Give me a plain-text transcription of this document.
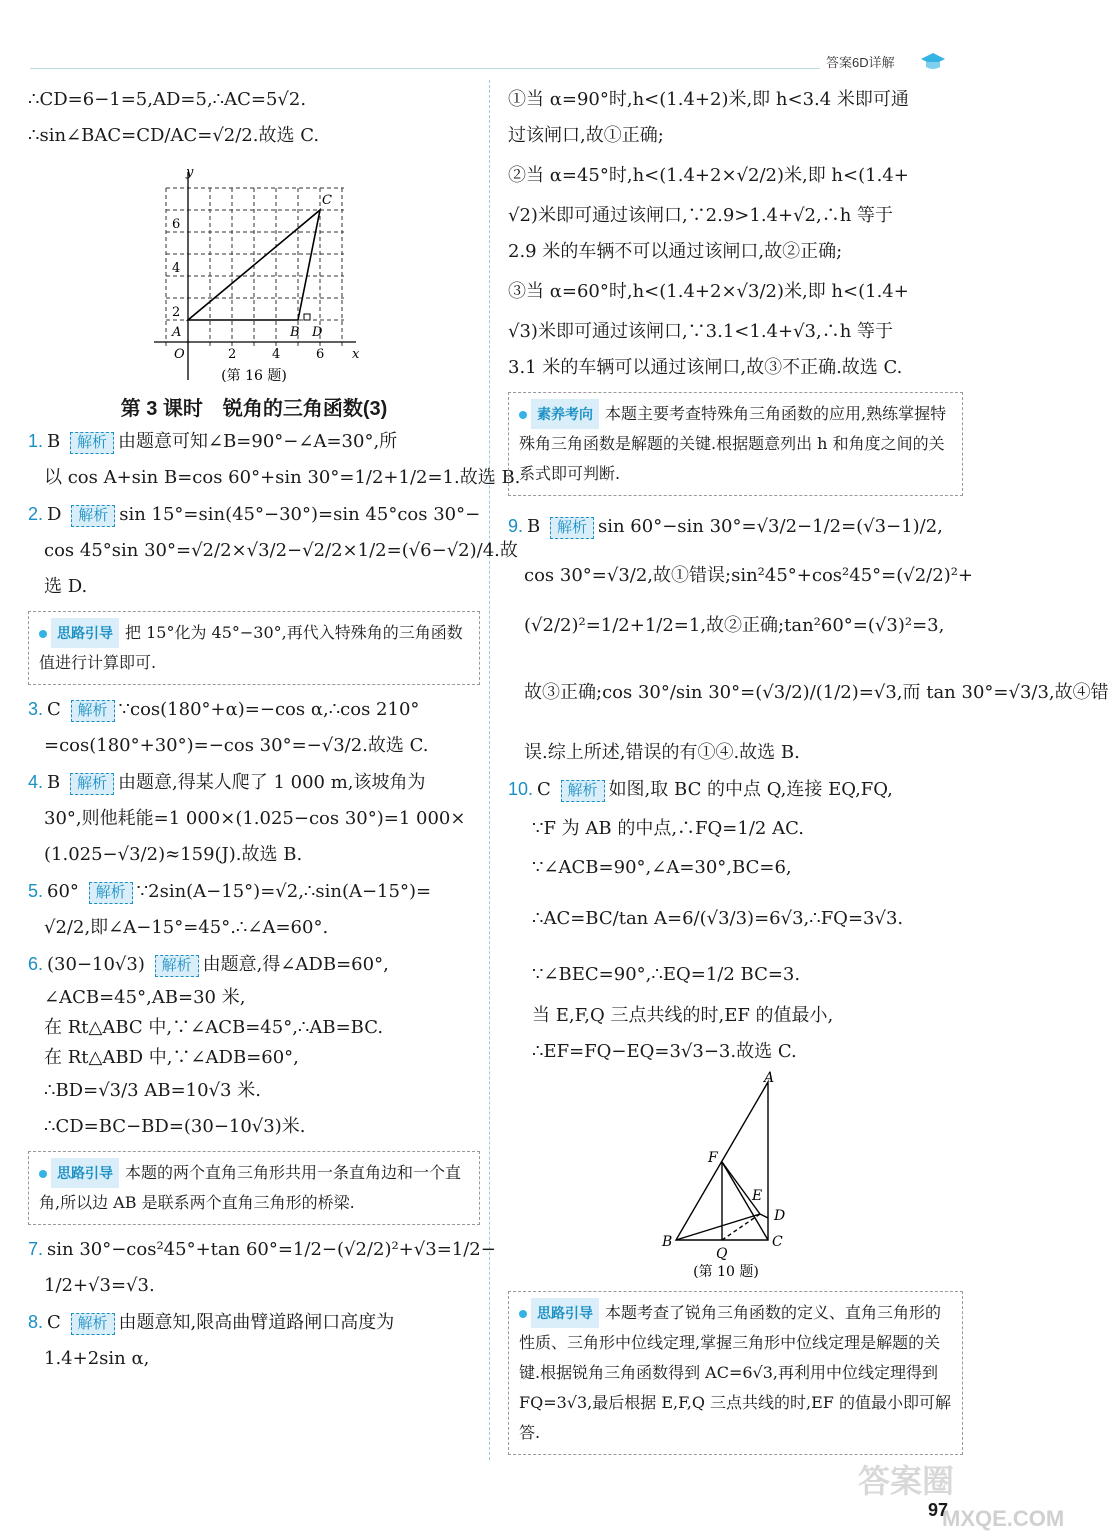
答案6D详解

∴CD=6−1=5,AD=5,∴AC=5√2.

∴sin∠BAC=CD/AC=√2/2.故选 C.

y
x
2
4
6
2	4	6
A	B
C
D
O
(第 16 题)
第 3 课时　锐角的三角函数(3)

1. B 解析 由题意可知∠B=90°−∠A=30°,所

以 cos A+sin B=cos 60°+sin 30°=1/2+1/2=1.故选 B.

2. D 解析 sin 15°=sin(45°−30°)=sin 45°cos 30°−

cos 45°sin 30°=√2/2×√3/2−√2/2×1/2=(√6−√2)/4.故

选 D.

思路引导 把 15°化为 45°−30°,再代入特殊角的三角函数值进行计算即可.

3. C 解析 ∵cos(180°+α)=−cos α,∴cos 210°

=cos(180°+30°)=−cos 30°=−√3/2.故选 C.

4. B 解析 由题意,得某人爬了 1 000 m,该坡角为

30°,则他耗能=1 000×(1.025−cos 30°)=1 000×

(1.025−√3/2)≈159(J).故选 B.

5. 60° 解析 ∵2sin(A−15°)=√2,∴sin(A−15°)=

√2/2,即∠A−15°=45°.∴∠A=60°.

6. (30−10√3) 解析 由题意,得∠ADB=60°,

∠ACB=45°,AB=30 米,

在 Rt△ABC 中,∵∠ACB=45°,∴AB=BC.

在 Rt△ABD 中,∵∠ADB=60°,

∴BD=√3/3 AB=10√3 米.

∴CD=BC−BD=(30−10√3)米.

思路引导 本题的两个直角三角形共用一条直角边和一个直角,所以边 AB 是联系两个直角三角形的桥梁.

7. sin 30°−cos²45°+tan 60°=1/2−(√2/2)²+√3=1/2−

1/2+√3=√3.

8. C 解析 由题意知,限高曲臂道路闸口高度为

1.4+2sin α,

①当 α=90°时,h<(1.4+2)米,即 h<3.4 米即可通

过该闸口,故①正确;

②当 α=45°时,h<(1.4+2×√2/2)米,即 h<(1.4+

√2)米即可通过该闸口,∵2.9>1.4+√2,∴h 等于

2.9 米的车辆不可以通过该闸口,故②正确;

③当 α=60°时,h<(1.4+2×√3/2)米,即 h<(1.4+

√3)米即可通过该闸口,∵3.1<1.4+√3,∴h 等于

3.1 米的车辆可以通过该闸口,故③不正确.故选 C.

素养考向 本题主要考查特殊角三角函数的应用,熟练掌握特殊角三角函数是解题的关键.根据题意列出 h 和角度之间的关系式即可判断.

9. B 解析 sin 60°−sin 30°=√3/2−1/2=(√3−1)/2,

cos 30°=√3/2,故①错误;sin²45°+cos²45°=(√2/2)²+

(√2/2)²=1/2+1/2=1,故②正确;tan²60°=(√3)²=3,

故③正确;cos 30°/sin 30°=(√3/2)/(1/2)=√3,而 tan 30°=√3/3,故④错

误.综上所述,错误的有①④.故选 B.

10. C 解析 如图,取 BC 的中点 Q,连接 EQ,FQ,

∵F 为 AB 的中点,∴FQ=1/2 AC.

∵∠ACB=90°,∠A=30°,BC=6,

∴AC=BC/tan A=6/(√3/3)=6√3,∴FQ=3√3.

∵∠BEC=90°,∴EQ=1/2 BC=3.

当 E,F,Q 三点共线的时,EF 的值最小,

∴EF=FQ−EQ=3√3−3.故选 C.

A
F
E
D
B
Q
C
(第 10 题)
思路引导 本题考查了锐角三角函数的定义、直角三角形的性质、三角形中位线定理,掌握三角形中位线定理是解题的关键.根据锐角三角函数得到 AC=6√3,再利用中位线定理得到 FQ=3√3,最后根据 E,F,Q 三点共线的时,EF 的值最小即可解答.
答案圈
MXQE.COM
97
